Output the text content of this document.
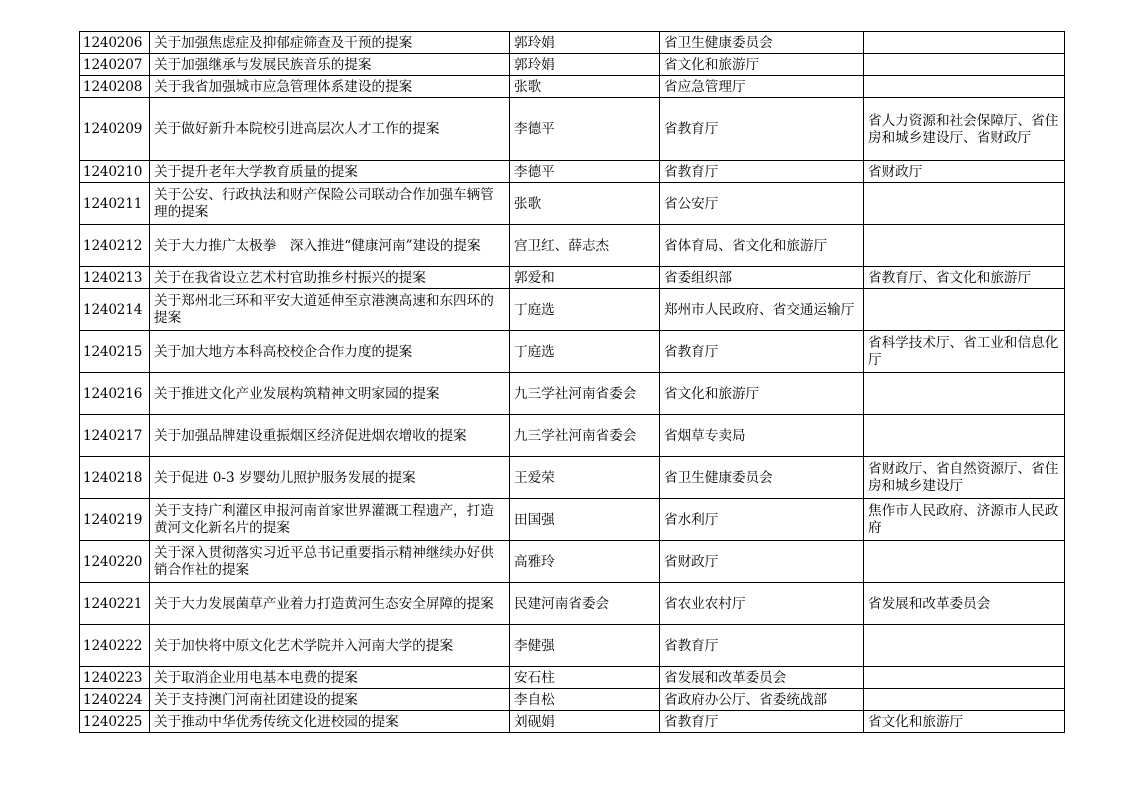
1240206	关于加强焦虑症及抑郁症筛查及干预的提案	郭玲娟	省卫生健康委员会	
1240207	关于加强继承与发展民族音乐的提案	郭玲娟	省文化和旅游厅	
1240208	关于我省加强城市应急管理体系建设的提案	张歌	省应急管理厅	
1240209	关于做好新升本院校引进高层次人才工作的提案	李德平	省教育厅	省人力资源和社会保障厅、省住房和城乡建设厅、省财政厅
1240210	关于提升老年大学教育质量的提案	李德平	省教育厅	省财政厅
1240211	关于公安、行政执法和财产保险公司联动合作加强车辆管理的提案	张歌	省公安厅	
1240212	关于大力推广太极拳　深入推进“健康河南”建设的提案	宫卫红、薛志杰	省体育局、省文化和旅游厅	
1240213	关于在我省设立艺术村官助推乡村振兴的提案	郭爱和	省委组织部	省教育厅、省文化和旅游厅
1240214	关于郑州北三环和平安大道延伸至京港澳高速和东四环的提案	丁庭选	郑州市人民政府、省交通运输厅	
1240215	关于加大地方本科高校校企合作力度的提案	丁庭选	省教育厅	省科学技术厅、省工业和信息化厅
1240216	关于推进文化产业发展构筑精神文明家园的提案	九三学社河南省委会	省文化和旅游厅	
1240217	关于加强品牌建设重振烟区经济促进烟农增收的提案	九三学社河南省委会	省烟草专卖局	
1240218	关于促进 0-3 岁婴幼儿照护服务发展的提案	王爱荣	省卫生健康委员会	省财政厅、省自然资源厅、省住房和城乡建设厅
1240219	关于支持广利灌区申报河南首家世界灌溉工程遗产，打造黄河文化新名片的提案	田国强	省水利厅	焦作市人民政府、济源市人民政府
1240220	关于深入贯彻落实习近平总书记重要指示精神继续办好供销合作社的提案	高雅玲	省财政厅	
1240221	关于大力发展菌草产业着力打造黄河生态安全屏障的提案	民建河南省委会	省农业农村厅	省发展和改革委员会
1240222	关于加快将中原文化艺术学院并入河南大学的提案	李健强	省教育厅	
1240223	关于取消企业用电基本电费的提案	安石柱	省发展和改革委员会	
1240224	关于支持澳门河南社团建设的提案	李自松	省政府办公厅、省委统战部	
1240225	关于推动中华优秀传统文化进校园的提案	刘砚娟	省教育厅	省文化和旅游厅
